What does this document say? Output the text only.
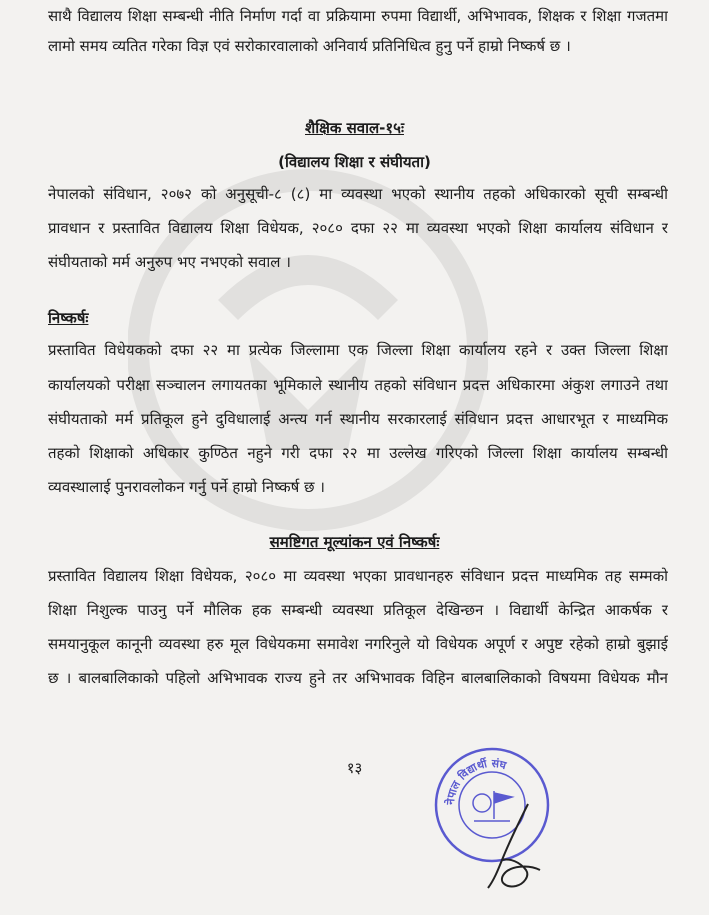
साथै विद्यालय शिक्षा सम्बन्धी नीति निर्माण गर्दा वा प्रक्रियामा रुपमा विद्यार्थी, अभिभावक, शिक्षक र शिक्षा गजतमा
लामो समय व्यतित गरेका विज्ञ एवं सरोकारवालाको अनिवार्य प्रतिनिधित्व हुनु पर्ने हाम्रो निष्कर्ष छ ।
शैक्षिक सवाल-१५ः
(विद्यालय शिक्षा र संघीयता)
नेपालको संविधान, २०७२ को अनुसूची-८ (८) मा व्यवस्था भएको स्थानीय तहको अधिकारको सूची सम्बन्धी
प्रावधान र प्रस्तावित विद्यालय शिक्षा विधेयक, २०८० दफा २२ मा व्यवस्था भएको शिक्षा कार्यालय संविधान र
संघीयताको मर्म अनुरुप भए नभएको सवाल ।
निष्कर्षः
प्रस्तावित विधेयकको दफा २२ मा प्रत्येक जिल्लामा एक जिल्ला शिक्षा कार्यालय रहने र उक्त जिल्ला शिक्षा
कार्यालयको परीक्षा सञ्चालन लगायतका भूमिकाले स्थानीय तहको संविधान प्रदत्त अधिकारमा अंकुश लगाउने तथा
संघीयताको मर्म प्रतिकूल हुने दुविधालाई अन्त्य गर्न स्थानीय सरकारलाई संविधान प्रदत्त आधारभूत र माध्यमिक
तहको शिक्षाको अधिकार कुण्ठित नहुने गरी दफा २२ मा उल्लेख गरिएको जिल्ला शिक्षा कार्यालय सम्बन्धी
व्यवस्थालाई पुनरावलोकन गर्नु पर्ने हाम्रो निष्कर्ष छ ।
समष्टिगत मूल्यांकन एवं निष्कर्षः
प्रस्तावित विद्यालय शिक्षा विधेयक, २०८० मा व्यवस्था भएका प्रावधानहरु संविधान प्रदत्त माध्यमिक तह सम्मको
शिक्षा निशुल्क पाउनु पर्ने मौलिक हक सम्बन्धी व्यवस्था प्रतिकूल देखिन्छन । विद्यार्थी केन्द्रित आकर्षक र
समयानुकूल कानूनी व्यवस्था हरु मूल विधेयकमा समावेश नगरिनुले यो विधेयक अपूर्ण र अपुष्ट रहेको हाम्रो बुझाई
छ । बालबालिकाको पहिलो अभिभावक राज्य हुने तर अभिभावक विहिन बालबालिकाको विषयमा विधेयक मौन
१३
नेपाल विद्यार्थी संघ
